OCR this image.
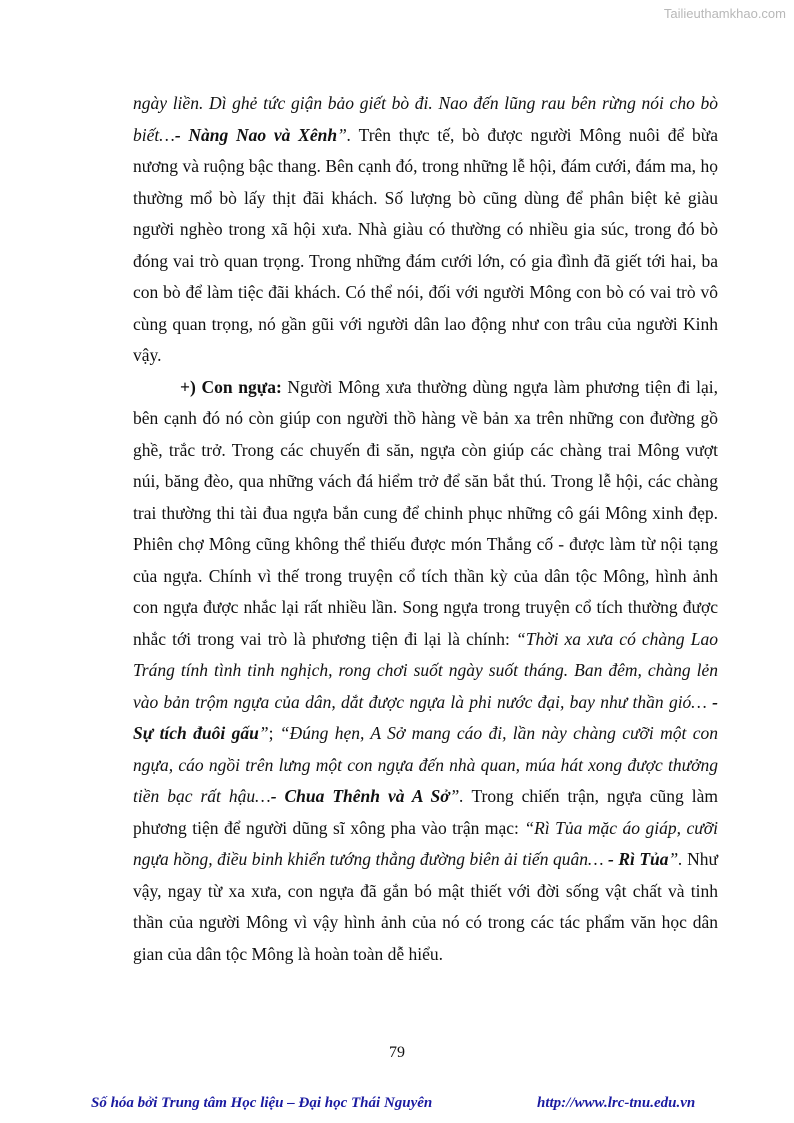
Tailieuthamkhao.com

ngày liền. Dì ghẻ tức giận bảo giết bò đi. Nao đến lũng rau bên rừng nói cho bò biết…- Nàng Nao và Xênh”. Trên thực tế, bò được người Mông nuôi để bừa nương và ruộng bậc thang. Bên cạnh đó, trong những lễ hội, đám cưới, đám ma, họ thường mổ bò lấy thịt đãi khách. Số lượng bò cũng dùng để phân biệt kẻ giàu người nghèo trong xã hội xưa. Nhà giàu có thường có nhiều gia súc, trong đó bò đóng vai trò quan trọng. Trong những đám cưới lớn, có gia đình đã giết tới hai, ba con bò để làm tiệc đãi khách. Có thể nói, đối với người Mông con bò có vai trò vô cùng quan trọng, nó gần gũi với người dân lao động như con trâu của người Kinh vậy.

+) Con ngựa: Người Mông xưa thường dùng ngựa làm phương tiện đi lại, bên cạnh đó nó còn giúp con người thồ hàng về bản xa trên những con đường gồ ghề, trắc trở. Trong các chuyến đi săn, ngựa còn giúp các chàng trai Mông vượt núi, băng đèo, qua những vách đá hiểm trở để săn bắt thú. Trong lễ hội, các chàng trai thường thi tài đua ngựa bắn cung để chinh phục những cô gái Mông xinh đẹp. Phiên chợ Mông cũng không thể thiếu được món Thắng cố - được làm từ nội tạng của ngựa. Chính vì thế trong truyện cổ tích thần kỳ của dân tộc Mông, hình ảnh con ngựa được nhắc lại rất nhiều lần. Song ngựa trong truyện cổ tích thường được nhắc tới trong vai trò là phương tiện đi lại là chính: “Thời xa xưa có chàng Lao Tráng tính tình tinh nghịch, rong chơi suốt ngày suốt tháng. Ban đêm, chàng lẻn vào bản trộm ngựa của dân, dắt được ngựa là phi nước đại, bay như thần gió… - Sự tích đuôi gấu”; “Đúng hẹn, A Sở mang cáo đi, lần này chàng cưỡi một con ngựa, cáo ngồi trên lưng một con ngựa đến nhà quan, múa hát xong được thưởng tiền bạc rất hậu…- Chua Thênh và A Sở”. Trong chiến trận, ngựa cũng làm phương tiện để người dũng sĩ xông pha vào trận mạc: “Rì Tủa mặc áo giáp, cưỡi ngựa hồng, điều binh khiển tướng thẳng đường biên ải tiến quân… - Rì Tủa”. Như vậy, ngay từ xa xưa, con ngựa đã gắn bó mật thiết với đời sống vật chất và tinh thần của người Mông vì vậy hình ảnh của nó có trong các tác phẩm văn học dân gian của dân tộc Mông là hoàn toàn dễ hiểu.

79
Số hóa bởi Trung tâm Học liệu – Đại học Thái Nguyên	http://www.lrc-tnu.edu.vn
